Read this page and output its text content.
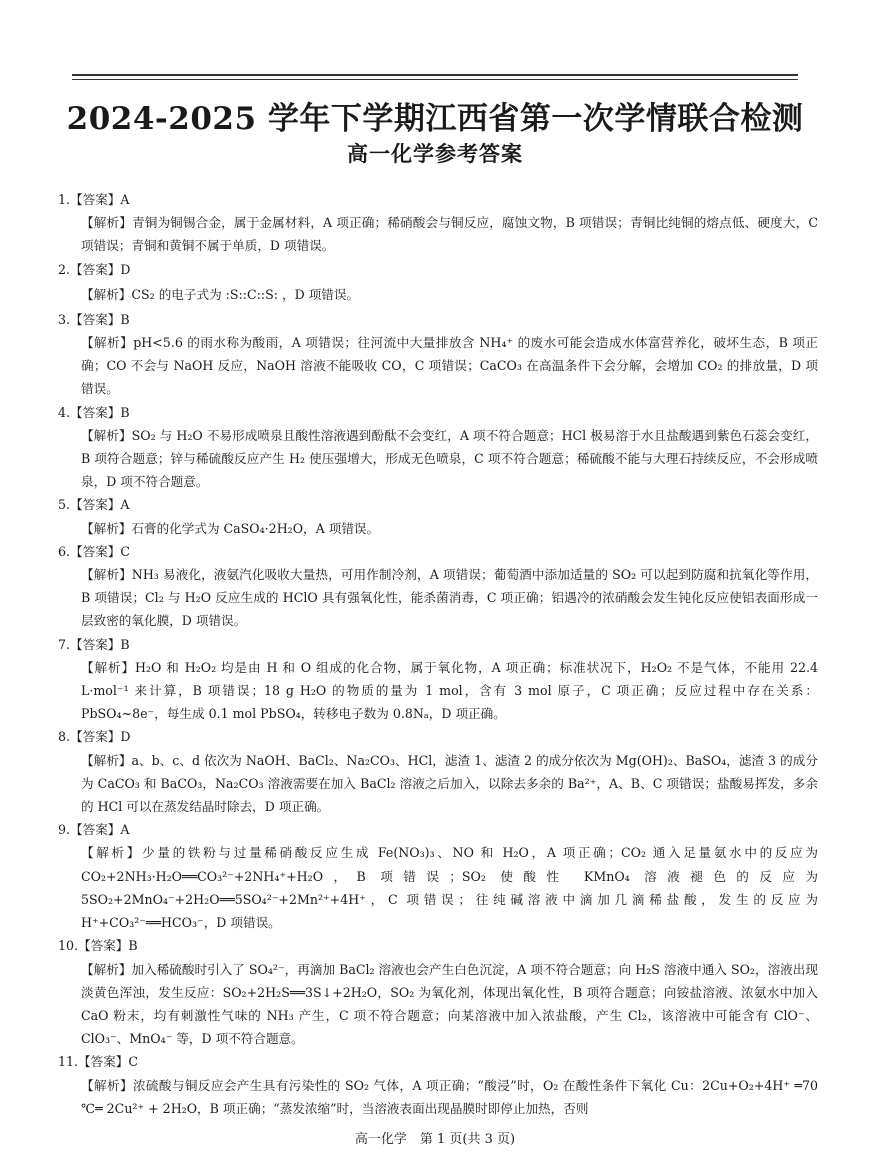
2024-2025 学年下学期江西省第一次学情联合检测
高一化学参考答案

1.【答案】A

【解析】青铜为铜锡合金，属于金属材料，A 项正确；稀硝酸会与铜反应，腐蚀文物，B 项错误；青铜比纯铜的熔点低、硬度大，C 项错误；青铜和黄铜不属于单质，D 项错误。

2.【答案】D

【解析】CS₂ 的电子式为 :S::C::S: ，D 项错误。

3.【答案】B

【解析】pH<5.6 的雨水称为酸雨，A 项错误；往河流中大量排放含 NH₄⁺ 的废水可能会造成水体富营养化，破坏生态，B 项正确；CO 不会与 NaOH 反应，NaOH 溶液不能吸收 CO，C 项错误；CaCO₃ 在高温条件下会分解，会增加 CO₂ 的排放量，D 项错误。

4.【答案】B

【解析】SO₂ 与 H₂O 不易形成喷泉且酸性溶液遇到酚酞不会变红，A 项不符合题意；HCl 极易溶于水且盐酸遇到紫色石蕊会变红，B 项符合题意；锌与稀硫酸反应产生 H₂ 使压强增大，形成无色喷泉，C 项不符合题意；稀硫酸不能与大理石持续反应，不会形成喷泉，D 项不符合题意。

5.【答案】A

【解析】石膏的化学式为 CaSO₄·2H₂O，A 项错误。

6.【答案】C

【解析】NH₃ 易液化，液氨汽化吸收大量热，可用作制冷剂，A 项错误；葡萄酒中添加适量的 SO₂ 可以起到防腐和抗氧化等作用，B 项错误；Cl₂ 与 H₂O 反应生成的 HClO 具有强氧化性，能杀菌消毒，C 项正确；铝遇冷的浓硝酸会发生钝化反应使铝表面形成一层致密的氧化膜，D 项错误。

7.【答案】B

【解析】H₂O 和 H₂O₂ 均是由 H 和 O 组成的化合物，属于氧化物，A 项正确；标准状况下，H₂O₂ 不是气体，不能用 22.4 L·mol⁻¹ 来计算，B 项错误；18 g H₂O 的物质的量为 1 mol，含有 3 mol 原子，C 项正确；反应过程中存在关系：PbSO₄~8e⁻，每生成 0.1 mol PbSO₄，转移电子数为 0.8Nₐ，D 项正确。

8.【答案】D

【解析】a、b、c、d 依次为 NaOH、BaCl₂、Na₂CO₃、HCl，滤渣 1、滤渣 2 的成分依次为 Mg(OH)₂、BaSO₄，滤渣 3 的成分为 CaCO₃ 和 BaCO₃，Na₂CO₃ 溶液需要在加入 BaCl₂ 溶液之后加入，以除去多余的 Ba²⁺，A、B、C 项错误；盐酸易挥发，多余的 HCl 可以在蒸发结晶时除去，D 项正确。

9.【答案】A

【解析】少量的铁粉与过量稀硝酸反应生成 Fe(NO₃)₃、NO 和 H₂O，A 项正确；CO₂ 通入足量氨水中的反应为 CO₂+2NH₃·H₂O══CO₃²⁻+2NH₄⁺+H₂O，B 项错误；SO₂ 使酸性 KMnO₄ 溶液褪色的反应为 5SO₂+2MnO₄⁻+2H₂O══5SO₄²⁻+2Mn²⁺+4H⁺，C 项错误；往纯碱溶液中滴加几滴稀盐酸，发生的反应为 H⁺+CO₃²⁻══HCO₃⁻，D 项错误。

10.【答案】B

【解析】加入稀硫酸时引入了 SO₄²⁻，再滴加 BaCl₂ 溶液也会产生白色沉淀，A 项不符合题意；向 H₂S 溶液中通入 SO₂，溶液出现淡黄色浑浊，发生反应：SO₂+2H₂S══3S↓+2H₂O，SO₂ 为氧化剂，体现出氧化性，B 项符合题意；向铵盐溶液、浓氨水中加入 CaO 粉末，均有刺激性气味的 NH₃ 产生，C 项不符合题意；向某溶液中加入浓盐酸，产生 Cl₂，该溶液中可能含有 ClO⁻、ClO₃⁻、MnO₄⁻ 等，D 项不符合题意。

11.【答案】C

【解析】浓硫酸与铜反应会产生具有污染性的 SO₂ 气体，A 项正确；“酸浸”时，O₂ 在酸性条件下氧化 Cu：2Cu+O₂+4H⁺ ═70 ℃═ 2Cu²⁺ + 2H₂O，B 项正确；“蒸发浓缩”时，当溶液表面出现晶膜时即停止加热，否则

高一化学　第 1 页(共 3 页)
